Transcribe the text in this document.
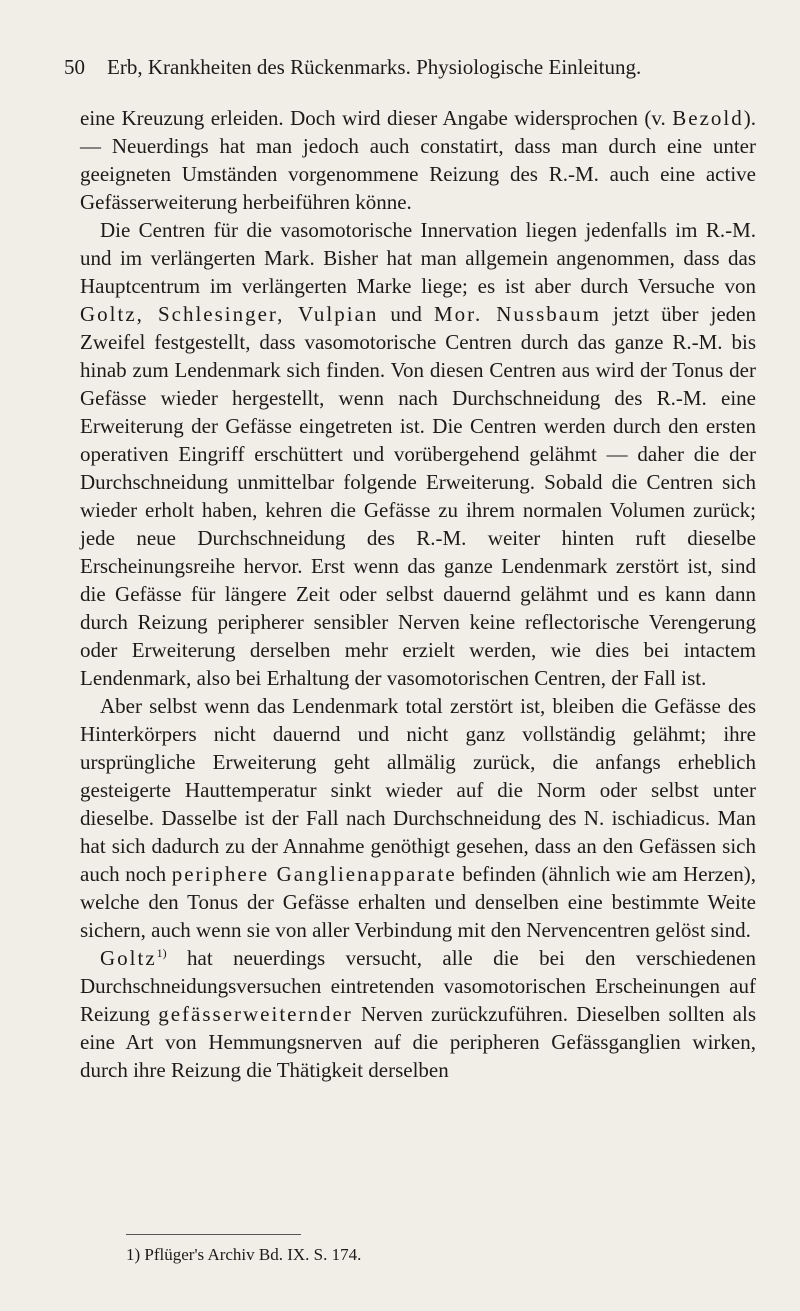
50 Erb, Krankheiten des Rückenmarks. Physiologische Einleitung.

eine Kreuzung erleiden. Doch wird dieser Angabe widersprochen (v. Bezold). — Neuerdings hat man jedoch auch constatirt, dass man durch eine unter geeigneten Umständen vorgenommene Reizung des R.-M. auch eine active Gefässerweiterung herbeiführen könne.

Die Centren für die vasomotorische Innervation liegen jedenfalls im R.-M. und im verlängerten Mark. Bisher hat man allgemein angenommen, dass das Hauptcentrum im verlängerten Marke liege; es ist aber durch Versuche von Goltz, Schlesinger, Vulpian und Mor. Nussbaum jetzt über jeden Zweifel festgestellt, dass vasomotorische Centren durch das ganze R.-M. bis hinab zum Lendenmark sich finden. Von diesen Centren aus wird der Tonus der Gefässe wieder hergestellt, wenn nach Durchschneidung des R.-M. eine Erweiterung der Gefässe eingetreten ist. Die Centren werden durch den ersten operativen Eingriff erschüttert und vorübergehend gelähmt — daher die der Durchschneidung unmittelbar folgende Erweiterung. Sobald die Centren sich wieder erholt haben, kehren die Gefässe zu ihrem normalen Volumen zurück; jede neue Durchschneidung des R.-M. weiter hinten ruft dieselbe Erscheinungsreihe hervor. Erst wenn das ganze Lendenmark zerstört ist, sind die Gefässe für längere Zeit oder selbst dauernd gelähmt und es kann dann durch Reizung peripherer sensibler Nerven keine reflectorische Verengerung oder Erweiterung derselben mehr erzielt werden, wie dies bei intactem Lendenmark, also bei Erhaltung der vasomotorischen Centren, der Fall ist.

Aber selbst wenn das Lendenmark total zerstört ist, bleiben die Gefässe des Hinterkörpers nicht dauernd und nicht ganz vollständig gelähmt; ihre ursprüngliche Erweiterung geht allmälig zurück, die anfangs erheblich gesteigerte Hauttemperatur sinkt wieder auf die Norm oder selbst unter dieselbe. Dasselbe ist der Fall nach Durchschneidung des N. ischiadicus. Man hat sich dadurch zu der Annahme genöthigt gesehen, dass an den Gefässen sich auch noch periphere Ganglienapparate befinden (ähnlich wie am Herzen), welche den Tonus der Gefässe erhalten und denselben eine bestimmte Weite sichern, auch wenn sie von aller Verbindung mit den Nervencentren gelöst sind.

Goltz$^{1)}$ hat neuerdings versucht, alle die bei den verschiedenen Durchschneidungsversuchen eintretenden vasomotorischen Erscheinungen auf Reizung gefässerweiternder Nerven zurückzuführen. Dieselben sollten als eine Art von Hemmungsnerven auf die peripheren Gefässganglien wirken, durch ihre Reizung die Thätigkeit derselben

1) Pflüger's Archiv Bd. IX. S. 174.
